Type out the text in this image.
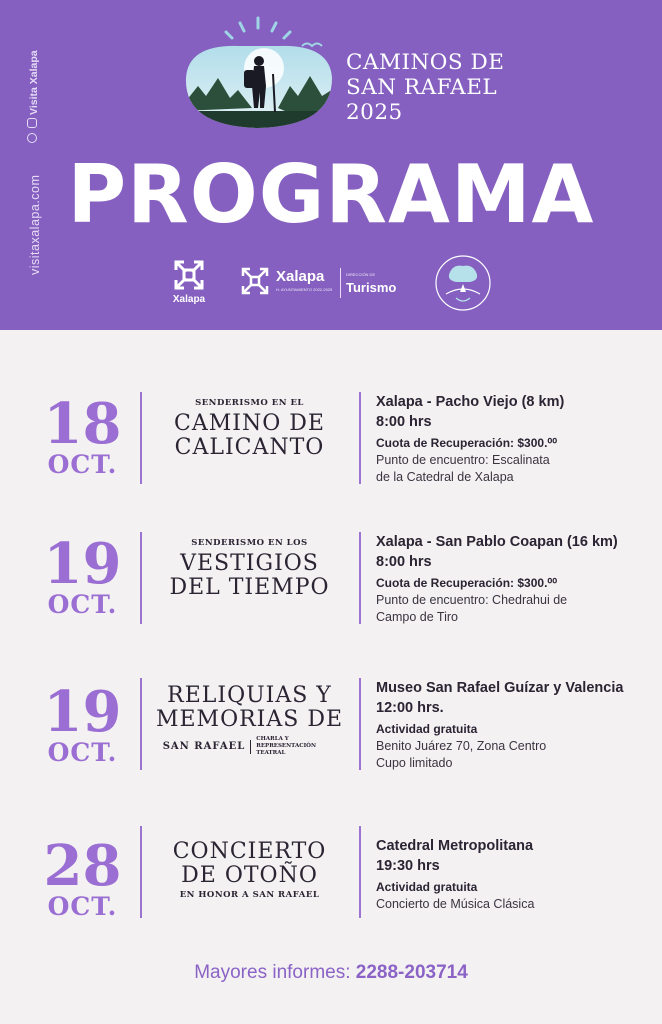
Visita Xalapa
visitaxalapa.com
CAMINOS DE
SAN RAFAEL
2025
PROGRAMA
Xalapa
Xalapa
H. AYUNTAMIENTO 2022-2025
DIRECCIÓN DE
Turismo
18
OCT.
SENDERISMO EN EL
CAMINO DE
CALICANTO
Xalapa - Pacho Viejo (8 km)
8:00 hrs
Cuota de Recuperación: $300.⁰⁰
Punto de encuentro: Escalinata
de la Catedral de Xalapa
19
OCT.
SENDERISMO EN LOS
VESTIGIOS
DEL TIEMPO
Xalapa - San Pablo Coapan (16 km)
8:00 hrs
Cuota de Recuperación: $300.⁰⁰
Punto de encuentro: Chedrahui de
Campo de Tiro
19
OCT.
RELIQUIAS Y
MEMORIAS DE
SAN RAFAEL
CHARLA Y REPRESENTACIÓN TEATRAL
Museo San Rafael Guízar y Valencia
12:00 hrs.
Actividad gratuita
Benito Juárez 70, Zona Centro
Cupo limitado
28
OCT.
CONCIERTO
DE OTOÑO
EN HONOR A SAN RAFAEL
Catedral Metropolitana
19:30 hrs
Actividad gratuita
Concierto de Música Clásica
Mayores informes: 2288-203714
